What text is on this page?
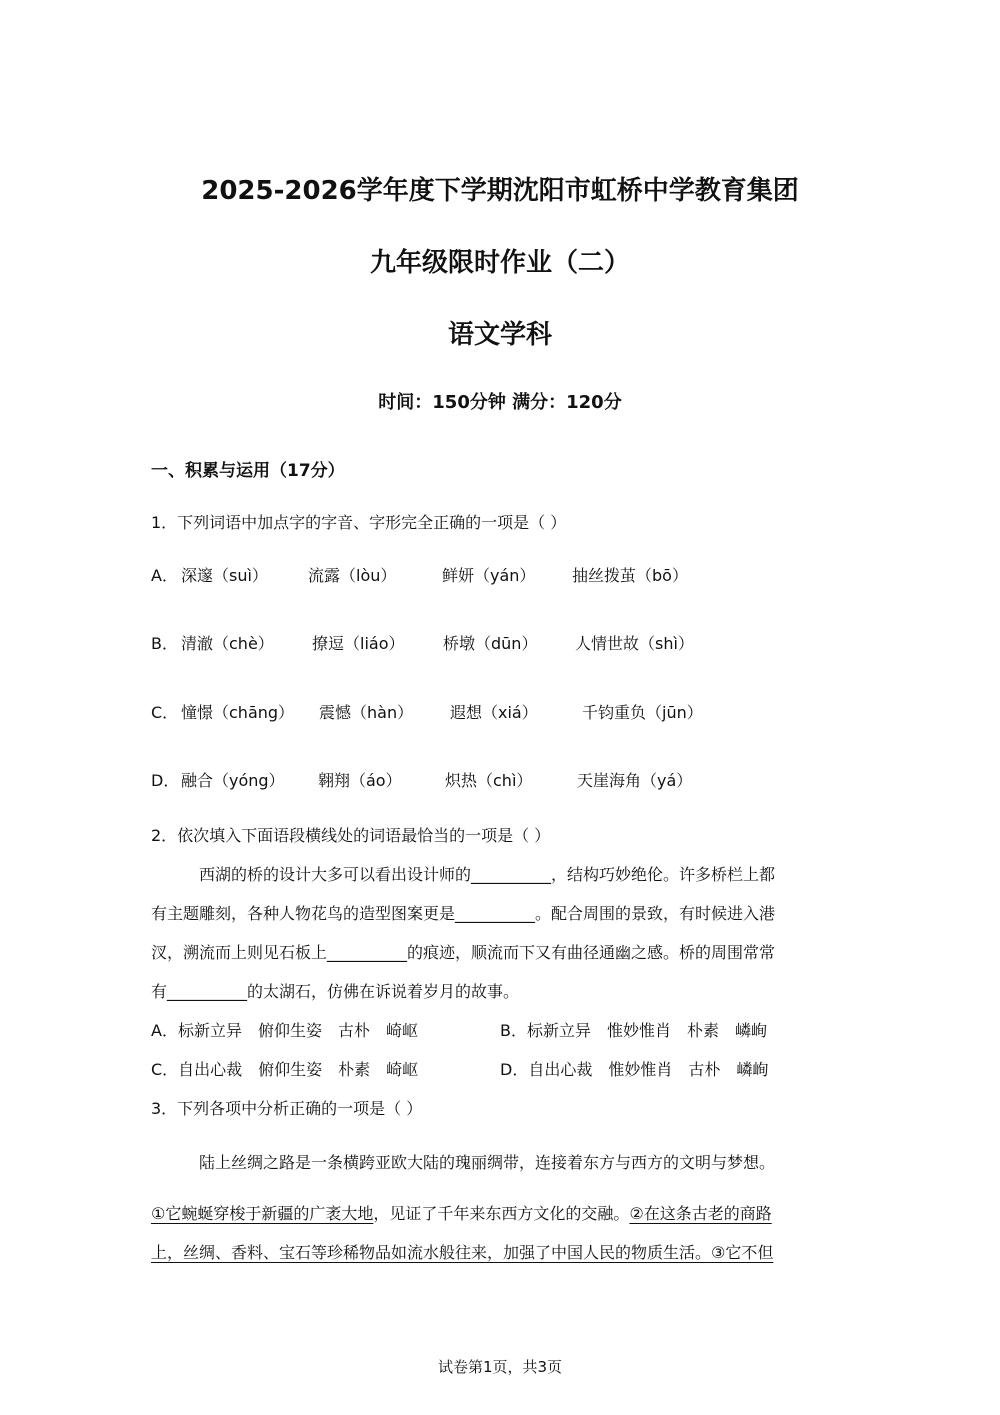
2025-2026学年度下学期沈阳市虹桥中学教育集团
九年级限时作业（二）
语文学科
时间：150分钟 满分：120分
一、积累与运用（17分）
1．下列词语中加点字的字音、字形完全正确的一项是（ ）
A． 深邃（suì）	流露（lòu）	鲜妍（yán） 抽丝拨茧（bō）
B． 清澈（chè） 撩逗（liáo） 桥墩（dūn） 人情世故（shì）
C． 憧憬（chāng） 震憾（hàn） 遐想（xiá）	千钧重负（jūn）
D． 融合（yóng） 翱翔（áo）	炽热（chì）	天崖海角（yá）
2．依次填入下面语段横线处的词语最恰当的一项是（ ）
西湖的桥的设计大多可以看出设计师的__________，结构巧妙绝伦。许多桥栏上都
有主题雕刻，各种人物花鸟的造型图案更是__________。配合周围的景致，有时候进入港
汊，溯流而上则见石板上__________的痕迹，顺流而下又有曲径通幽之感。桥的周围常常
有__________的太湖石，仿佛在诉说着岁月的故事。
A．标新立异　俯仰生姿　古朴　崎岖	B．标新立异　惟妙惟肖　朴素　嶙峋
C．自出心裁　俯仰生姿　朴素　崎岖	D．自出心裁　惟妙惟肖　古朴　嶙峋
3．下列各项中分析正确的一项是（ ）
陆上丝绸之路是一条横跨亚欧大陆的瑰丽绸带，连接着东方与西方的文明与梦想。
①它蜿蜒穿梭于新疆的广袤大地，见证了千年来东西方文化的交融。②在这条古老的商路
上，丝绸、香料、宝石等珍稀物品如流水般往来，加强了中国人民的物质生活。③它不但
试卷第1页，共3页
